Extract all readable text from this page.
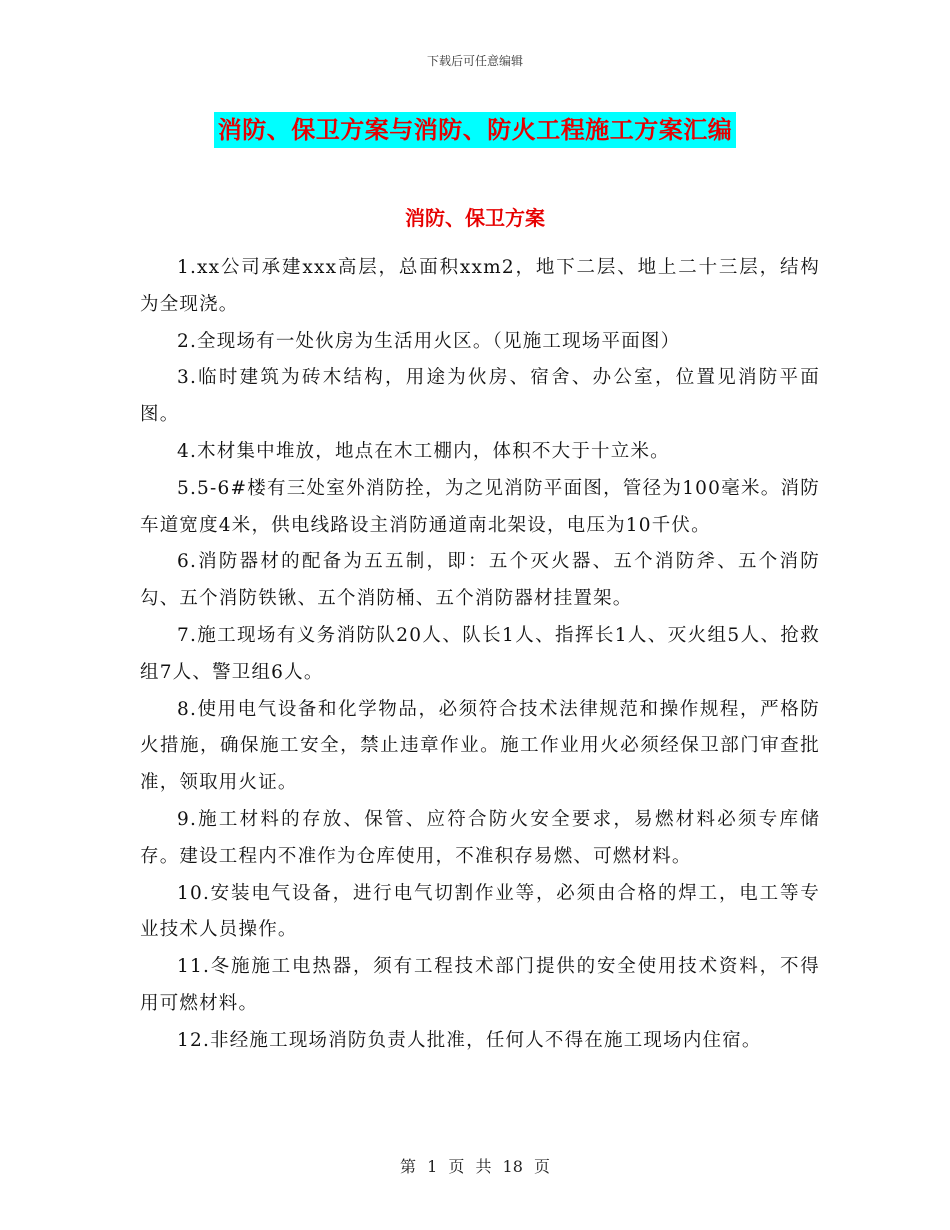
下载后可任意编辑
消防、保卫方案与消防、防火工程施工方案汇编
消防、保卫方案

1.xx公司承建xxx高层，总面积xxm2，地下二层、地上二十三层，结构为全现浇。

2.全现场有一处伙房为生活用火区。（见施工现场平面图）

3.临时建筑为砖木结构，用途为伙房、宿舍、办公室，位置见消防平面图。

4.木材集中堆放，地点在木工棚内，体积不大于十立米。

5.5-6#楼有三处室外消防拴，为之见消防平面图，管径为100毫米。消防车道宽度4米，供电线路设主消防通道南北架设，电压为10千伏。

6.消防器材的配备为五五制，即：五个灭火器、五个消防斧、五个消防勾、五个消防铁锹、五个消防桶、五个消防器材挂置架。

7.施工现场有义务消防队20人、队长1人、指挥长1人、灭火组5人、抢救组7人、警卫组6人。

8.使用电气设备和化学物品，必须符合技术法律规范和操作规程，严格防火措施，确保施工安全，禁止违章作业。施工作业用火必须经保卫部门审查批准，领取用火证。

9.施工材料的存放、保管、应符合防火安全要求，易燃材料必须专库储存。建设工程内不准作为仓库使用，不准积存易燃、可燃材料。

10.安装电气设备，进行电气切割作业等，必须由合格的焊工，电工等专业技术人员操作。

11.冬施施工电热器，须有工程技术部门提供的安全使用技术资料，不得用可燃材料。

12.非经施工现场消防负责人批准，任何人不得在施工现场内住宿。

第 1 页 共 18 页
